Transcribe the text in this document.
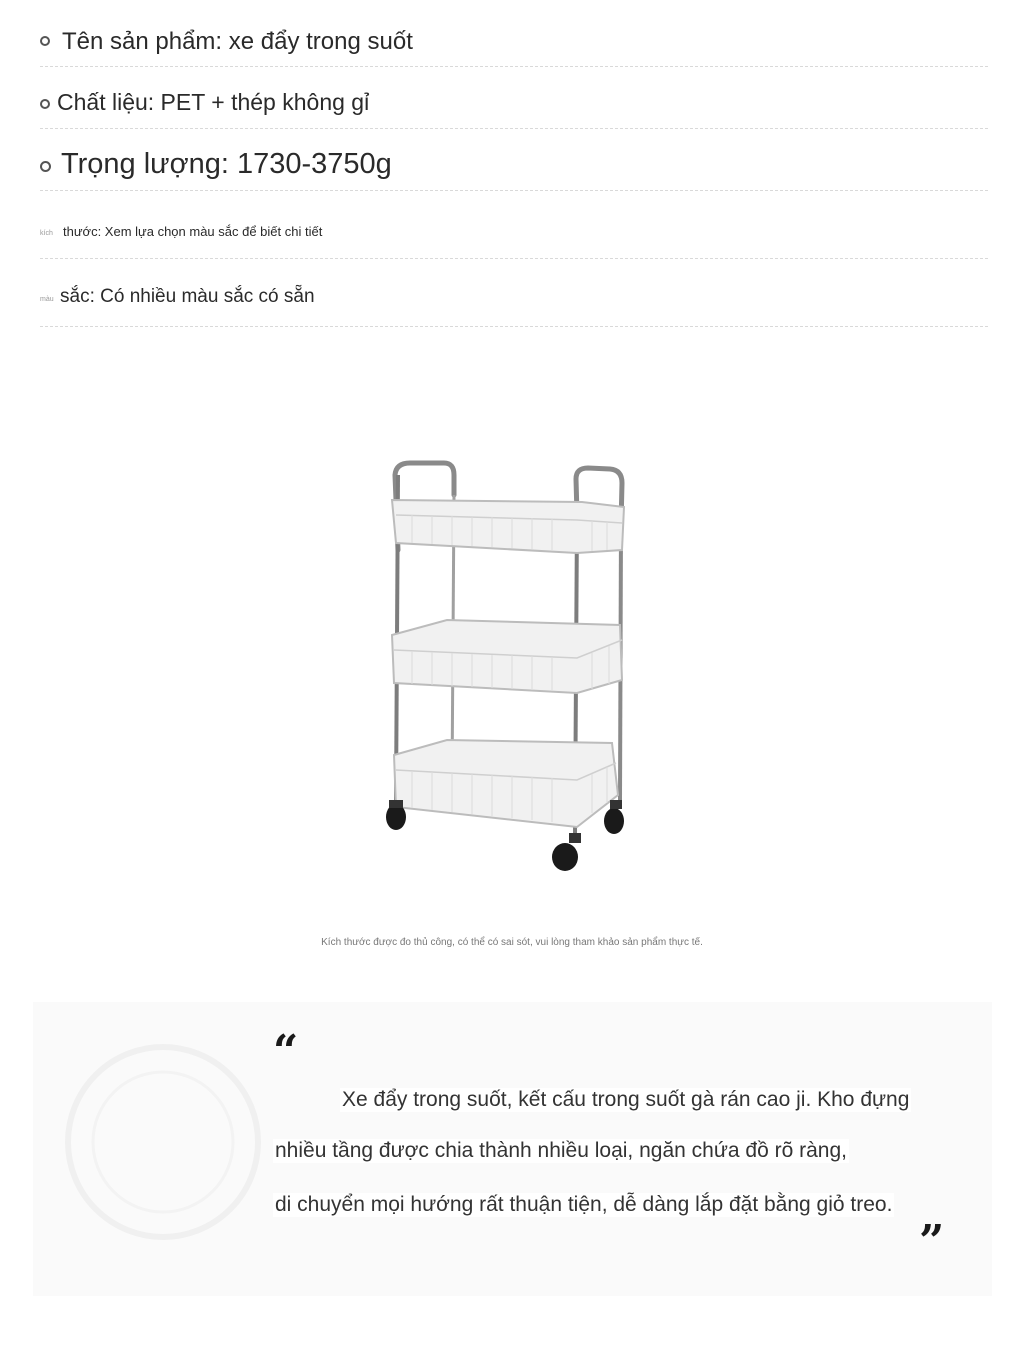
Tên sản phẩm: xe đẩy trong suốt
Chất liệu: PET + thép không gỉ
Trọng lượng: 1730-3750g
kích thước: Xem lựa chọn màu sắc để biết chi tiết
màu sắc: Có nhiều màu sắc có sẵn
Kích thước được đo thủ công, có thể có sai sót, vui lòng tham khảo sản phẩm thực tế.
“
Xe đẩy trong suốt, kết cấu trong suốt gà rán cao ji. Kho đựng
nhiều tầng được chia thành nhiều loại, ngăn chứa đồ rõ ràng,
di chuyển mọi hướng rất thuận tiện, dễ dàng lắp đặt bằng giỏ treo.
”
